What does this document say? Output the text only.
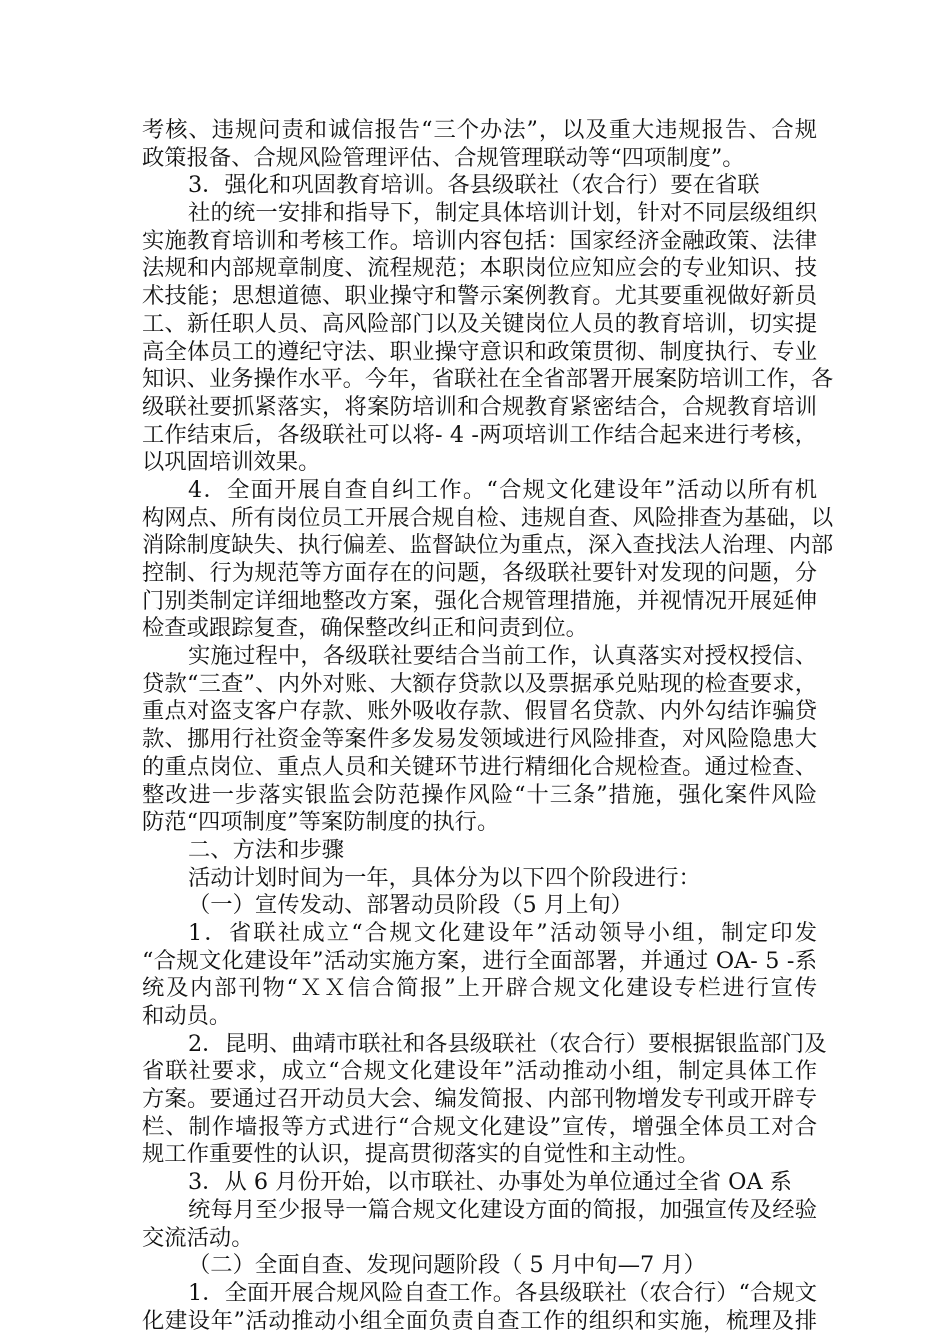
考核、违规问责和诚信报告“三个办法”，以及重大违规报告、合规
政策报备、合规风险管理评估、合规管理联动等“四项制度”。
3．强化和巩固教育培训。各县级联社（农合行）要在省联
社的统一安排和指导下，制定具体培训计划，针对不同层级组织
实施教育培训和考核工作。培训内容包括：国家经济金融政策、法律
法规和内部规章制度、流程规范；本职岗位应知应会的专业知识、技
术技能；思想道德、职业操守和警示案例教育。尤其要重视做好新员
工、新任职人员、高风险部门以及关键岗位人员的教育培训，切实提
高全体员工的遵纪守法、职业操守意识和政策贯彻、制度执行、专业
知识、业务操作水平。今年，省联社在全省部署开展案防培训工作，各
级联社要抓紧落实，将案防培训和合规教育紧密结合，合规教育培训
工作结束后，各级联社可以将- 4 -两项培训工作结合起来进行考核，
以巩固培训效果。
4．全面开展自查自纠工作。“合规文化建设年”活动以所有机
构网点、所有岗位员工开展合规自检、违规自查、风险排查为基础，以
消除制度缺失、执行偏差、监督缺位为重点，深入查找法人治理、内部
控制、行为规范等方面存在的问题，各级联社要针对发现的问题，分
门别类制定详细地整改方案，强化合规管理措施，并视情况开展延伸
检查或跟踪复查，确保整改纠正和问责到位。
实施过程中，各级联社要结合当前工作，认真落实对授权授信、
贷款“三查”、内外对账、大额存贷款以及票据承兑贴现的检查要求，
重点对盗支客户存款、账外吸收存款、假冒名贷款、内外勾结诈骗贷
款、挪用行社资金等案件多发易发领域进行风险排查，对风险隐患大
的重点岗位、重点人员和关键环节进行精细化合规检查。通过检查、
整改进一步落实银监会防范操作风险“十三条”措施，强化案件风险
防范“四项制度”等案防制度的执行。
二、方法和步骤
活动计划时间为一年，具体分为以下四个阶段进行：
（一）宣传发动、部署动员阶段（5 月上旬）
1．省联社成立“合规文化建设年”活动领导小组，制定印发
“合规文化建设年”活动实施方案，进行全面部署，并通过 OA- 5 -系
统及内部刊物“ＸＸ信合简报”上开辟合规文化建设专栏进行宣传
和动员。
2．昆明、曲靖市联社和各县级联社（农合行）要根据银监部门及
省联社要求，成立“合规文化建设年”活动推动小组，制定具体工作
方案。要通过召开动员大会、编发简报、内部刊物增发专刊或开辟专
栏、制作墙报等方式进行“合规文化建设”宣传，增强全体员工对合
规工作重要性的认识，提高贯彻落实的自觉性和主动性。
3．从 6 月份开始，以市联社、办事处为单位通过全省 OA 系
统每月至少报导一篇合规文化建设方面的简报，加强宣传及经验
交流活动。
（二）全面自查、发现问题阶段（ 5 月中旬—7 月）
1．全面开展合规风险自查工作。各县级联社（农合行）“合规文
化建设年”活动推动小组全面负责自查工作的组织和实施，梳理及排
